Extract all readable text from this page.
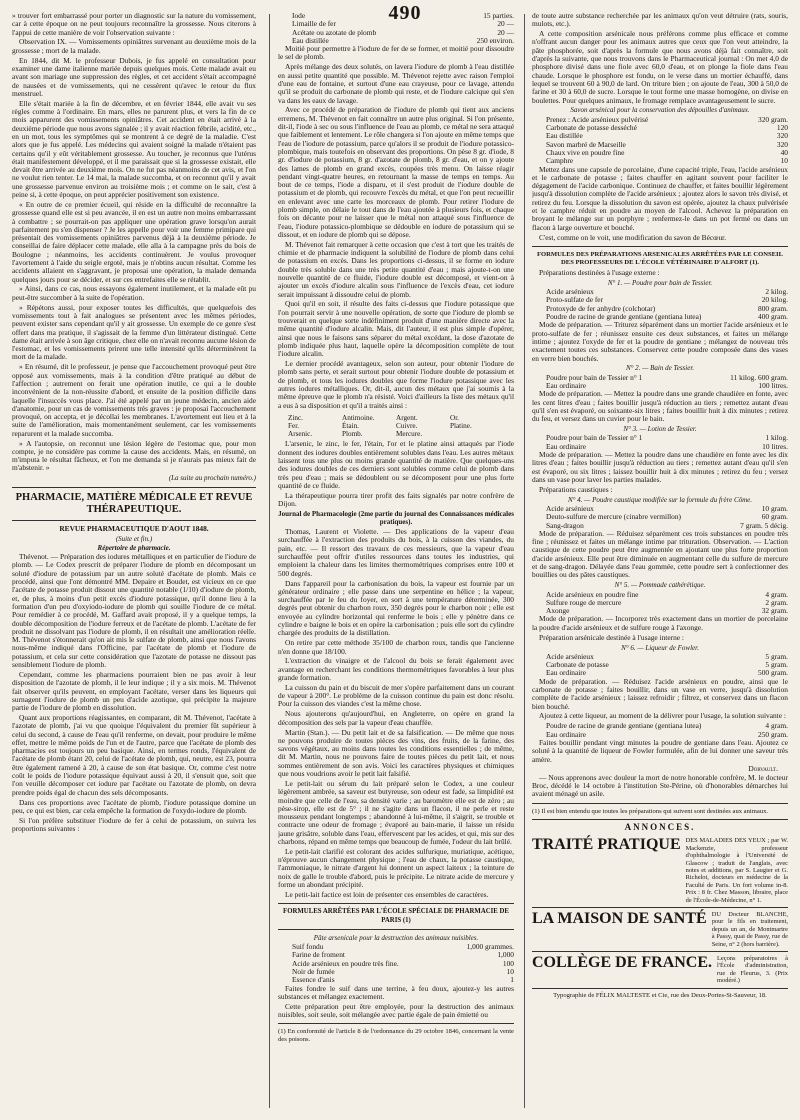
490

» trouver fort embarrassé pour porter un diagnostic sur la nature du vomissement, car à cette époque on ne peut toujours reconnaître la grossesse. Nous citerons à l'appui de cette manière de voir l'observation suivante :

Observation IX. — Vomissements opiniâtres survenant au deuxième mois de la grossesse ; mort de la malade.

En 1844, dit M. le professeur Dubois, je fus appelé en consultation pour examiner une dame italienne mariée depuis quelques mois. Cette malade avait eu avant son mariage une suppression des règles, et cet accident s'était accompagné de nausées et de vomissements, qui ne cessèrent qu'avec le retour du flux menstruel.

Elle s'était mariée à la fin de décembre, et en février 1844, elle avait vu ses règles comme à l'ordinaire. En mars, elles ne parurent plus, et vers la fin de ce mois apparurent des vomissements opiniâtres. Cet accident en était arrivé à la deuxième période que nous avons signalée ; il y avait réaction fébrile, acidité, etc., en un mot, tous les symptômes qui se montrent à ce degré de la maladie. C'est alors que je fus appelé. Les médecins qui avaient soigné la malade n'étaient pas certains qu'il y eût véritablement grossesse. Au toucher, je reconnus que l'utérus était manifestement développé, et il me paraissait que si la grossesse existait, elle devait être arrivée au deuxième mois. On ne fut pas néanmoins de cet avis, et l'on ne voulut rien tenter. Le 14 mai, la malade succomba, et on reconnut qu'il y avait une grossesse parvenue environ au troisième mois ; et comme on le sait, c'est à peine si, à cette époque, on peut apprécier positivement son existence.

« En outre de ce premier écueil, qui réside en la difficulté de reconnaître la grossesse quand elle est si peu avancée, il en est un autre non moins embarrassant à combattre ; se pourrait-on pas appliquer une opération grave lorsqu'on aurait parfaitement pu s'en dispenser ? Je les appelle pour voir une femme primipare qui présentait des vomissements opiniâtres parvenus déjà à la deuxième période. Je conseillai de faire déplacer cette malade, elle alla à la campagne près du bois de Boulogne ; néanmoins, les accidents continuèrent. Je voulus provoquer l'avortement à l'aide du seigle ergoté, mais je n'obtins aucun résultat. Comme les accidents allaient en s'aggravant, je proposai une opération, la malade demanda quelques jours pour se décider, et sur ces entrefaites elle se rétablit.

» Ainsi, dans ce cas, nous essayons également inutilement, et la malade eût pu peut-être succomber à la suite de l'opération.

» Répétons aussi, pour exposer toutes les difficultés, que quelquefois des vomissements tout à fait analogues se présentent avec les mêmes périodes, peuvent exister sans cependant qu'il y ait grossesse. Un exemple de ce genre s'est offert dans ma pratique, il s'agissait de la femme d'un littérateur distingué. Cette dame était arrivée à son âge critique, chez elle on n'avait reconnu aucune lésion de l'estomac, et les vomissements prirent une telle intensité qu'ils déterminèrent la mort de la malade.

» En résumé, dit le professeur, je pense que l'accouchement provoqué peut être opposé aux vomissements, mais à la condition d'être pratiqué au début de l'affection ; autrement on ferait une opération inutile, ce qui a le double inconvénient de la non-réussite d'abord, et ensuite de la position difficile dans laquelle l'insuccès vous place. J'ai été appelé par un jeune médecin, ancien aide d'anatomie, pour un cas de vomissements très graves : je proposai l'accouchement provoqué, on accepta, et je décollai les membranes. L'avortement eut lieu et à la suite de l'amélioration, mais momentanément seulement, car les vomissements reparurent et la malade succomba.

» A l'autopsie, on reconnut une lésion légère de l'estomac que, pour mon compte, je ne considère pas comme la cause des accidents. Mais, en résumé, on m'imputa le résultat fâcheux, et l'on me demanda si je n'aurais pas mieux fait de m'abstenir. »

(La suite au prochain numéro.)
PHARMACIE, MATIÈRE MÉDICALE ET REVUE THÉRAPEUTIQUE.

REVUE PHARMACEUTIQUE D'AOUT 1848.

(Suite et fin.)
Répertoire de pharmacie.

Thévenot. — Préparation des iodures métalliques et en particulier de l'iodure de plomb. — Le Codex prescrit de préparer l'iodure de plomb en décomposant un soluté d'iodure de potassium par un autre soluté d'acétate de plomb. Mais ce procédé, ainsi que l'ont démontré MM. Depaire et Boudet, est vicieux en ce que l'acétate de potasse produit dissout une quantité notable (1/10) d'iodure de plomb, et, de plus, à moins d'un petit excès d'iodure potassique, qu'il donne lieu à la formation d'un peu d'oxyiodo-iodure de plomb qui souille l'iodure de ce métal. Pour remédier à ce procédé, M. Gaffard avait proposé, il y a quelque temps, la double décomposition de l'iodure ferreux et de l'acétate de plomb. L'acétate de fer produit ne dissolvant pas l'iodure de plomb, il en résultait une amélioration réelle. M. Thévenot s'étonnerait qu'on ait mis le sulfate de plomb, ainsi que nous l'avons nous-même indiqué dans l'Officine, par l'acétate de plomb et l'iodure de potassium, et cela sur cette considération que l'azotate de potasse ne dissout pas sensiblement l'iodure de plomb.

Cependant, comme les pharmaciens pourraient bien ne pas avoir à leur disposition de l'azotate de plomb, il le leur indique ; il y a six mois. M. Thévenot fait observer qu'ils peuvent, en employant l'acétate, verser dans les liqueurs qui surnagent l'iodure de plomb un peu d'acide azotique, qui précipite la majeure partie de l'iodure de plomb en dissolution.

Quant aux proportions réagissantes, en comparant, dit M. Thévenot, l'acétate à l'azotate de plomb, j'ai vu que quoique l'équivalent du premier fût supérieur à celui du second, à cause de l'eau qu'il renferme, on devait, pour produire le même effet, mettre le même poids de l'un et de l'autre, parce que l'acétate de plomb des pharmacies est toujours un peu basique. Ainsi, en termes ronds, l'équivalent de l'acétate de plomb étant 20, celui de l'acétate de plomb, qui, neutre, est 23, pourra être également ramené à 20, à cause de son état basique. Or, comme c'est notre coût le poids de l'iodure potassique équivaut aussi à 20, il s'ensuit que, soit que l'on veuille décomposer cet iodure par l'acétate ou l'azotate de plomb, on devra prendre poids égal de chacun des sels décomposants.

Dans ces proportions avec l'acétate de plomb, l'iodure potassique domine un peu, ce qui est bien, car cela empêche la formation de l'oxydo-iodure de plomb.

Si l'on préfère substituer l'iodure de fer à celui de potassium, on suivra les proportions suivantes :

Iode	15 parties.
Limaille de fer	20 —
Acétate ou azotate de plomb	20 —
Eau distillée	250 environ.

Moitié pour permettre à l'iodure de fer de se former, et moitié pour dissoudre le sel de plomb.

Après mélange des deux solutés, on lavera l'iodure de plomb à l'eau distillée en aussi petite quantité que possible. M. Thévenot rejette avec raison l'emploi d'une eau de fontaine, et surtout d'une eau crayeuse, pour ce lavage, attendu qu'il se produit du carbonate de plomb qui reste, et de l'iodure calcique qui s'en va dans les eaux de lavage.

Avec ce procédé de préparation de l'iodure de plomb qui tient aux anciens erremens, M. Thévenot en fait connaître un autre plus original. Si l'on présente, dit-il, l'iode à sec ou sous l'influence de l'eau au plomb, ce métal ne sera attaqué que faiblement et lentement. Le rôle changera si l'on ajoute en même temps que l'eau de l'iodure de potassium, parce qu'alors il se produit de l'iodure potassico-plombique, mais toutefois en observant des proportions. On pèse 8 gr. d'iode, 8 gr. d'iodure de potassium, 8 gr. d'azotate de plomb, 8 gr. d'eau, et on y ajoute des lames de plomb en grand excès, coupées très menu. On laisse réagir pendant vingt-quatre heures, en retournant la masse de temps en temps. Au bout de ce temps, l'iode a disparu, et il s'est produit de l'iodure double de potassium et de plomb, qui recouvre l'excès du métal, et que l'on peut recueillir en enlevant avec une carte les morceaux de plomb. Pour retirer l'iodure de plomb simple, on délaie le tout dans de l'eau ajoutée à plusieurs fois, et chaque fois on décante pour ne laisser que le métal non attaqué sous l'influence de l'eau, l'iodure potassico-plombique se dédouble en iodure de potassium qui se dissout, et en iodure de plomb qui se dépose.

M. Thévenot fait remarquer à cette occasion que c'est à tort que les traités de chimie et de pharmacie indiquent la solubilité de l'iodure de plomb dans celui de potassium en excès. Dans les proportions ci-dessus, il se forme en iodure double très soluble dans une très petite quantité d'eau ; mais ajoute-t-on une nouvelle quantité de ce fluide, l'iodure double est décomposé, et vient-on à ajouter un excès d'iodure alcalin sous l'influence de l'excès d'eau, cet iodure serait impuissant à dissoudre celui de plomb.

Quoi qu'il en soit, il résulte des faits ci-dessus que l'iodure potassique que l'on pourrait servir à une nouvelle opération, de sorte que l'iodure de plomb se trouverait en quelque sorte indéfiniment produit d'une manière directe avec la même quantité d'iodure alcalin. Mais, dit l'auteur, il est plus simple d'opérer, ainsi que nous le faisons sans séparer du métal excédant, la dose d'azotate de plomb indiquée plus haut, laquelle opère la décomposition complète de tout l'iodure alcalin.

Le dernier procédé avantageux, selon son auteur, pour obtenir l'iodure de plomb sans perte, et serait surtout pour obtenir l'iodure double de potassium et de plomb, et tous les iodures doubles que forme l'iodure potassique avec les autres iodures métalliques. Or, dit-il, aucun des métaux que j'ai soumis à la même épreuve que le plomb n'a résisté. Voici d'ailleurs la liste des métaux qu'il a eus à sa disposition et qu'il a traités ainsi :

Zinc.	Antimoine.	Argent.	Or.
Fer.	Étain.	Cuivre.	Platine.
Arsenic.	Plomb.	Mercure.

L'arsenic, le zinc, le fer, l'étain, l'or et le platine ainsi attaqués par l'iode donnent des iodures doubles entièrement solubles dans l'eau. Les autres métaux laissent tous une plus ou moins grande quantité de matière. Que quelques-uns des iodures doubles de ces derniers sont solubles comme celui de plomb dans très peu d'eau ; mais se dédoublent ou se décomposent pour une plus forte quantité de ce fluide.

La thérapeutique pourra tirer profit des faits signalés par notre confrère de Dijon.

Journal de Pharmacologie (2me partie du journal des Connaissances médicales pratiques).

Thomas, Laurent et Violette. — Des applications de la vapeur d'eau surchauffée à l'extraction des produits du bois, à la cuisson des viandes, du pain, etc. — Il ressort des travaux de ces messieurs, que la vapeur d'eau surchauffée peut offrir d'utiles ressources dans toutes les industries, qui emploient la chaleur dans les limites thermométriques comprises entre 100 et 500 degrés.

Dans l'appareil pour la carbonisation du bois, la vapeur est fournie par un générateur ordinaire ; elle passe dans une serpentine en hélice ; la vapeur, surchauffée par le feu du foyer, en sort à une température déterminée, 300 degrés peut obtenir du charbon roux, 350 degrés pour le charbon noir ; elle est envoyée au cylindre horizontal qui renferme le bois ; elle y pénètre dans ce cylindre e baigne le bois et en opère la carbonisation ; puis elle sort du cylindre chargée des produits de la distillation.

On retire par cette méthode 35/100 de charbon roux, tandis que l'ancienne n'en donne que 18/100.

L'extraction du vinaigre et de l'alcool du bois se ferait également avec avantage en recherchant les conditions thermométriques favorables à leur plus grande formation.

La cuisson du pain et du biscuit de mer s'opère parfaitement dans un courant de vapeur à 200°. Le problème de la cuisson continue du pain est donc résolu. Pour la cuisson des viandes c'est la même chose.

Nous ajouterons qu'aujourd'hui, en Angleterre, on opère en grand la décomposition des sels par la vapeur d'eau chauffée.

Martin (Stan.). — Du petit lait et de sa falsification. — De même que nous ne pouvons produire de toutes pièces des vins, des fruits, de la farine, des savons végétaux, au moins dans toutes les conditions essentielles ; de même, dit M. Martin, nous ne pouvons faire de toutes pièces du petit lait, et nous sommes entièrement de son avis. Voici les caractères physiques et chimiques que nous voudrions avoir le petit lait falsifié.

Le petit-lait ou sérum du lait préparé selon le Codex, a une couleur légèrement ambrée, sa saveur est butyreuse, son odeur est fade, sa limpidité est moindre que celle de l'eau, sa densité varie ; au baromètre elle est de zéro ; au pèse-sirop, elle est de 5° ; il ne s'agite dans un flacon, il ne perle et reste mousseux pendant longtemps ; abandonné à lui-même, il s'aigrit, se trouble et contracte une odeur de fromage ; évaporé au bain-marie, il laisse un résidu jaune grisâtre, soluble dans l'eau, effervescent par les acides, et qui, mis sur des charbons, répand en même temps que beaucoup de fumée, l'odeur du lait brûlé.

Le petit-lait clarifié est colorant des acides sulfurique, muriatique, acétique, n'éprouve aucun changement physique ; l'eau de chaux, la potasse caustique, l'ammoniaque, le nitrate d'argent lui donnent un aspect laiteux ; la teinture de noix de galle le trouble d'abord, puis le précipite. Le nitrate acide de mercure y forme un abondant précipité.

Le petit-lait factice est loin de présenter ces ensembles de caractères.

FORMULES ARRÊTÉES PAR L'ÉCOLE SPÉCIALE DE PHARMACIE DE PARIS (1)

Pâte arsenicale pour la destruction des animaux nuisibles.
Suif fondu	1,000 grammes.
Farine de froment	1,000
Acide arsénieux en poudre très fine.	100
Noir de fumée	10
Essence d'anis	1

Faites fondre le suif dans une terrine, à feu doux, ajoutez-y les autres substances et mélangez exactement.

Cette préparation peut être employée, pour la destruction des animaux nuisibles, soit seule, soit mélangée avec partie égale de pain émietté ou

(1) En conformité de l'article 8 de l'ordonnance du 29 octobre 1846, concernant la vente des poisons.

de toute autre substance recherchée par les animaux qu'on veut détruire (rats, souris, mulots, etc.).

A cette composition arsénicale nous préférons comme plus efficace et comme n'offrant aucun danger pour les animaux autres que ceux que l'on veut atteindre, la pâte phosphorée, soit d'après la formule que nous avons déjà fait connaître, soit d'après la suivante, que nous trouvons dans le Pharmaceutical journal : On met 4,0 de phosphore divisé dans une fiole avec 60,0 d'eau, et on plonge la fiole dans l'eau chaude. Lorsque le phosphore est fondu, on le verse dans un mortier échauffé, dans lequel se trouvent 60 à 90,0 de lard. On triture bien ; on ajoute de l'eau, 300 à 50,0 de farine et 30 à 60,0 de sucre. Lorsque le tout forme une masse homogène, on divise en boulettes. Pour quelques animaux, le fromage remplace avantageusement le sucre.

Savon arsénical pour la conservation des dépouilles d'animaux.
Prenez : Acide arsénieux pulvérisé	320 gram.
Carbonate de potasse desséché	120
Eau distillée	320
Savon marbré de Marseille	320
Chaux vive en poudre fine	40
Camphre	10

Mettez dans une capsule de porcelaine, d'une capacité triple, l'eau, l'acide arsénieux et le carbonate de potasse ; faites chauffer en agitant souvent pour faciliter le dégagement de l'acide carbonique. Continuez de chauffer, et faites bouillir légèrement jusqu'à dissolution complète de l'acide arsénieux ; ajoutez alors le savon très divisé, et retirez du feu. Lorsque la dissolution du savon est opérée, ajoutez la chaux pulvérisée et le camphre réduit en poudre au moyen de l'alcool. Achevez la préparation en broyant le mélange sur un porphyre ; renfermez-le dans un pot fermé ou dans un flacon à large ouverture et bouché.

C'est, comme on le voit, une modification du savon de Bécœur.

FORMULES DES PRÉPARATIONS ARSENICALES ARRÊTÉES PAR LE CONSEIL DES PROFESSEURS DE L'ÉCOLE VÉTÉRINAIRE D'ALFORT (1).

Préparations destinées à l'usage externe :

N° 1. — Poudre pour bain de Tessier.
Acide arsénieux	2 kilog.
Proto-sulfate de fer	20 kilog.
Protoxyde de fer anhydre (colchotar)	800 gram.
Poudre de racine de grande gentiane (gentiana lutea)	400 gram.

Mode de préparation. — Triturez séparément dans un mortier l'acide arsénieux et le proto-sulfate de fer ; réunissez ensuite ces deux substances, et faites un mélange intime ; ajoutez l'oxyde de fer et la poudre de gentiane ; mélangez de nouveau très exactement toutes ces substances. Conservez cette poudre composée dans des vases en verre bien bouchés.

N° 2. — Bain de Tessier.
Poudre pour bain de Tessier n° 1	11 kilog. 600 gram.
Eau ordinaire	100 litres.

Mode de préparation. — Mettez la poudre dans une grande chaudière en fonte, avec les cent litres d'eau ; faites bouillir jusqu'à réduction au tiers ; remettez autant d'eau qu'il s'en est évaporé, ou soixante-six litres ; faites bouillir huit à dix minutes ; retirez du feu, et versez dans un cuvier pour le bain.

N° 3. — Lotion de Tessier.
Poudre pour bain de Tessier n° 1	1 kilog.
Eau ordinaire	10 litres.

Mode de préparation. — Mettez la poudre dans une chaudière en fonte avec les dix litres d'eau ; faites bouillir jusqu'à réduction au tiers ; remettez autant d'eau qu'il s'en est évaporé, ou six litres ; laissez bouillir huit à dix minutes ; retirez du feu ; versez dans un vase pour laver les parties malades.

Préparations caustiques :

N° 4. — Poudre caustique modifiée sur la formule du frère Côme.
Acide arsénieux	10 gram.
Deuto-sulfure de mercure (cinabre vermillon)	60 gram.
Sang-dragon	7 gram. 5 décig.

Mode de préparation. — Réduisez séparément ces trois substances en poudre très fine ; réunissez et faites un mélange intime par trituration. Observation. — L'action caustique de cette poudre peut être augmentée en ajoutant une plus forte proportion d'acide arsénieux. Elle peut être diminuée en augmentant celle du sulfure de mercure et de sang-dragon. Délayée dans l'eau gommée, cette poudre sert à confectionner des bouillies ou des pâtes caustiques.

N° 5. — Pommade cathérétique.
Acide arsénieux en poudre fine	4 gram.
Sulfure rouge de mercure	2 gram.
Axonge	32 gram.

Mode de préparation. — Incorporez très exactement dans un mortier de porcelaine la poudre d'acide arsénieux et de sulfure rouge à l'axonge.

Préparation arsénicale destinée à l'usage interne :

N° 6. — Liqueur de Fowler.
Acide arsénieux	5 gram.
Carbonate de potasse	5 gram.
Eau ordinaire	500 gram.

Mode de préparation. — Réduisez l'acide arsénieux en poudre, ainsi que le carbonate de potasse ; faites bouillir, dans un vase en verre, jusqu'à dissolution complète de l'acide arsénieux ; laissez refroidir ; filtrez, et conservez dans un flacon bien bouché.

Ajoutez à cette liqueur, au moment de la délivrer pour l'usage, la solution suivante :

Poudre de racine de grande gentiane (gentiana lutea)	4 gram.
Eau ordinaire	250 gram.

Faites bouillir pendant vingt minutes la poudre de gentiane dans l'eau. Ajoutez ce soluté à la quantité de liqueur de Fowler formulée, afin de lui donner une saveur très amère.

Dorvault.

— Nous apprenons avec douleur la mort de notre honorable confrère, M. le docteur Broc, décédé le 14 octobre à l'institution Ste-Périne, où d'honorables démarches lui avaient ménagé un asile.

(1) Il est bien entendu que toutes les préparations qui suivent sont destinées aux animaux.
ANNONCES.
TRAITÉ PRATIQUE DES MALADIES DES YEUX ; par W. Mackenzie, professeur d'ophthalmologie à l'Université de Glascow ; traduit de l'anglais, avec notes et additions, par S. Laugier et G. Richelot, docteurs en médecine de la Faculté de Paris. Un fort volume in-8. Prix : 8 fr. Chez Masson, libraire, place de l'École-de-Médecine, n° 1.
LA MAISON DE SANTÉ DU Docteur BLANCHE, pour le fils en traitement, depuis un an, de Montmartre à Passy, quai de Passy, rue de Seine, n° 2 (hors barrière).
COLLÈGE DE FRANCE. Leçons préparatoires à l'École d'administration, rue de Fleurus, 3. (Prix modéré.)
Typographie de FÉLIX MALTESTE et Cie, rue des Deux-Portes-St-Sauveur, 18.
